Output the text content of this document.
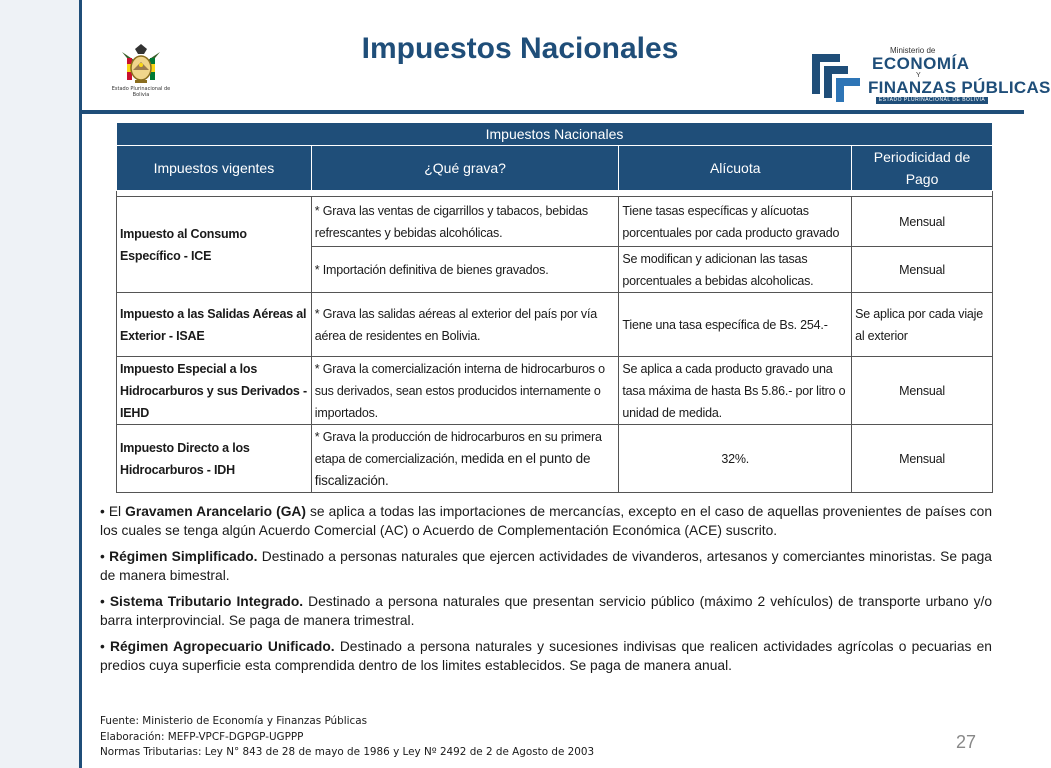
Estado Plurinacional de Bolivia
Impuestos Nacionales	Ministerio de
ECONOMÍA
Y
FINANZAS PÚBLICAS
ESTADO PLURINACIONAL DE BOLIVIA
Impuestos Nacionales			
Impuestos vigentes	¿Qué grava?	Alícuota	Periodicidad de Pago

Impuesto al Consumo Específico - ICE	* Grava las ventas de cigarrillos y tabacos, bebidas refrescantes y bebidas alcohólicas.	Tiene tasas específicas y alícuotas porcentuales por cada producto gravado	Mensual
	* Importación definitiva de bienes gravados.	Se modifican y adicionan las tasas porcentuales a bebidas alcoholicas.	Mensual
Impuesto a las Salidas Aéreas al Exterior - ISAE	* Grava las salidas aéreas al exterior del país por vía aérea de residentes en Bolivia.	Tiene una tasa específica de Bs. 254.-	Se aplica por cada viaje al exterior
Impuesto Especial a los Hidrocarburos y sus Derivados - IEHD	* Grava la comercialización interna de hidrocarburos o sus derivados, sean estos producidos internamente o importados.	Se aplica a cada producto gravado una tasa máxima de hasta Bs 5.86.- por litro o unidad de medida.	Mensual
Impuesto Directo a los Hidrocarburos - IDH	* Grava la producción de hidrocarburos en su primera etapa de comercialización, medida en el punto de fiscalización.	32%.	Mensual

• El Gravamen Arancelario (GA) se aplica a todas las importaciones de mercancías, excepto en el caso de aquellas provenientes de países con los cuales se tenga algún Acuerdo Comercial (AC) o Acuerdo de Complementación Económica (ACE) suscrito.

• Régimen Simplificado. Destinado a personas naturales que ejercen actividades de vivanderos, artesanos y comerciantes minoristas. Se paga de manera bimestral.

• Sistema Tributario Integrado. Destinado a persona naturales que presentan servicio público (máximo 2 vehículos) de transporte urbano y/o barra interprovincial. Se paga de manera trimestral.

• Régimen Agropecuario Unificado. Destinado a persona naturales y sucesiones indivisas que realicen actividades agrícolas o pecuarias en predios cuya superficie esta comprendida dentro de los limites establecidos. Se paga de manera anual.

Fuente: Ministerio de Economía y Finanzas Públicas
Elaboración: MEFP-VPCF-DGPGP-UGPPP
Normas Tributarias: Ley N° 843 de 28 de mayo de 1986 y Ley Nº 2492 de 2 de Agosto de 2003	27
